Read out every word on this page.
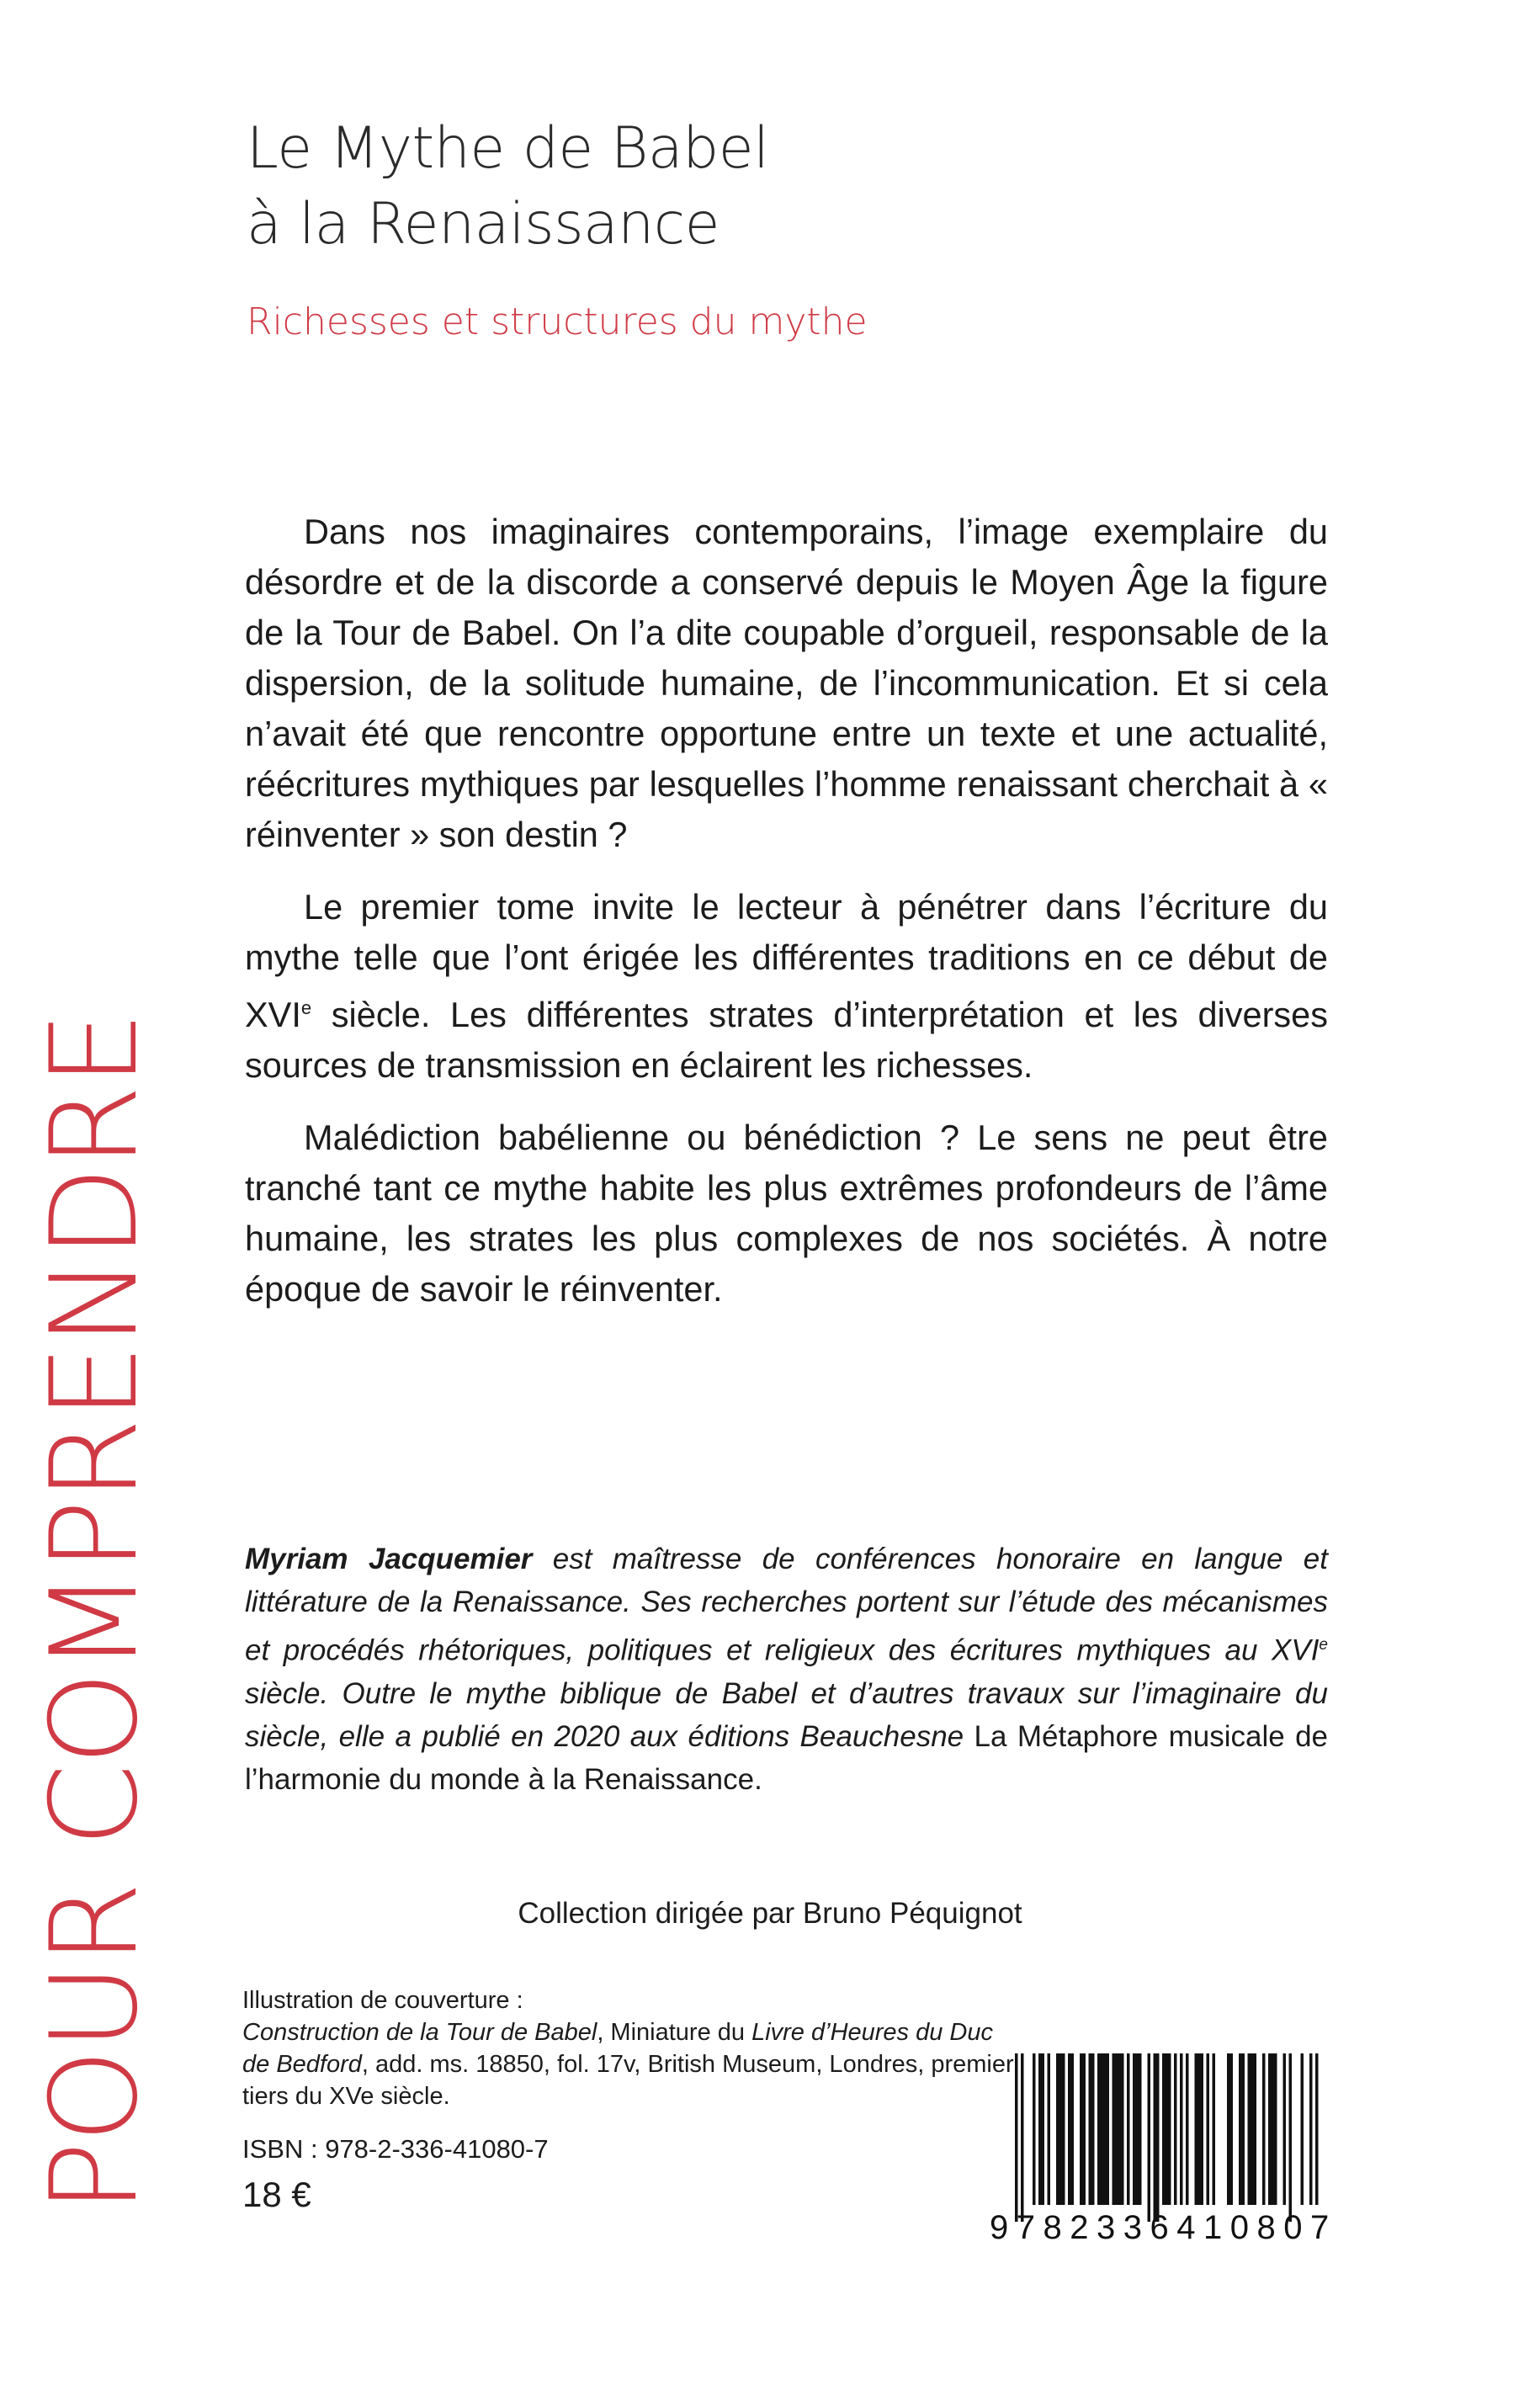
Le Mythe de Babel
à la Renaissance
Richesses et structures du mythe
POUR COMPRENDRE

Dans nos imaginaires contemporains, l’image exemplaire du désordre et de la discorde a conservé depuis le Moyen Âge la figure de la Tour de Babel. On l’a dite coupable d’orgueil, responsable de la dispersion, de la solitude humaine, de l’incommunication. Et si cela n’avait été que rencontre opportune entre un texte et une actualité, réécritures mythiques par lesquelles l’homme renaissant cherchait à « réinventer » son destin ?

Le premier tome invite le lecteur à pénétrer dans l’écriture du mythe telle que l’ont érigée les différentes traditions en ce début de XVIe siècle. Les différentes strates d’interprétation et les diverses sources de transmission en éclairent les richesses.

Malédiction babélienne ou bénédiction ? Le sens ne peut être tranché tant ce mythe habite les plus extrêmes profondeurs de l’âme humaine, les strates les plus complexes de nos sociétés. À notre époque de savoir le réinventer.

Myriam Jacquemier est maîtresse de conférences honoraire en langue et littérature de la Renaissance. Ses recherches portent sur l’étude des mécanismes et procédés rhétoriques, politiques et religieux des écritures mythiques au XVIe siècle. Outre le mythe biblique de Babel et d’autres travaux sur l’imaginaire du siècle, elle a publié en 2020 aux éditions Beauchesne La Métaphore musicale de l’harmonie du monde à la Renaissance.
Collection dirigée par Bruno Péquignot
Illustration de couverture :
Construction de la Tour de Babel, Miniature du Livre d’Heures du Duc de Bedford, add. ms. 18850, fol. 17v, British Museum, Londres, premier tiers du XVe siècle.
ISBN : 978-2-336-41080-7
18 €
9782336410807
